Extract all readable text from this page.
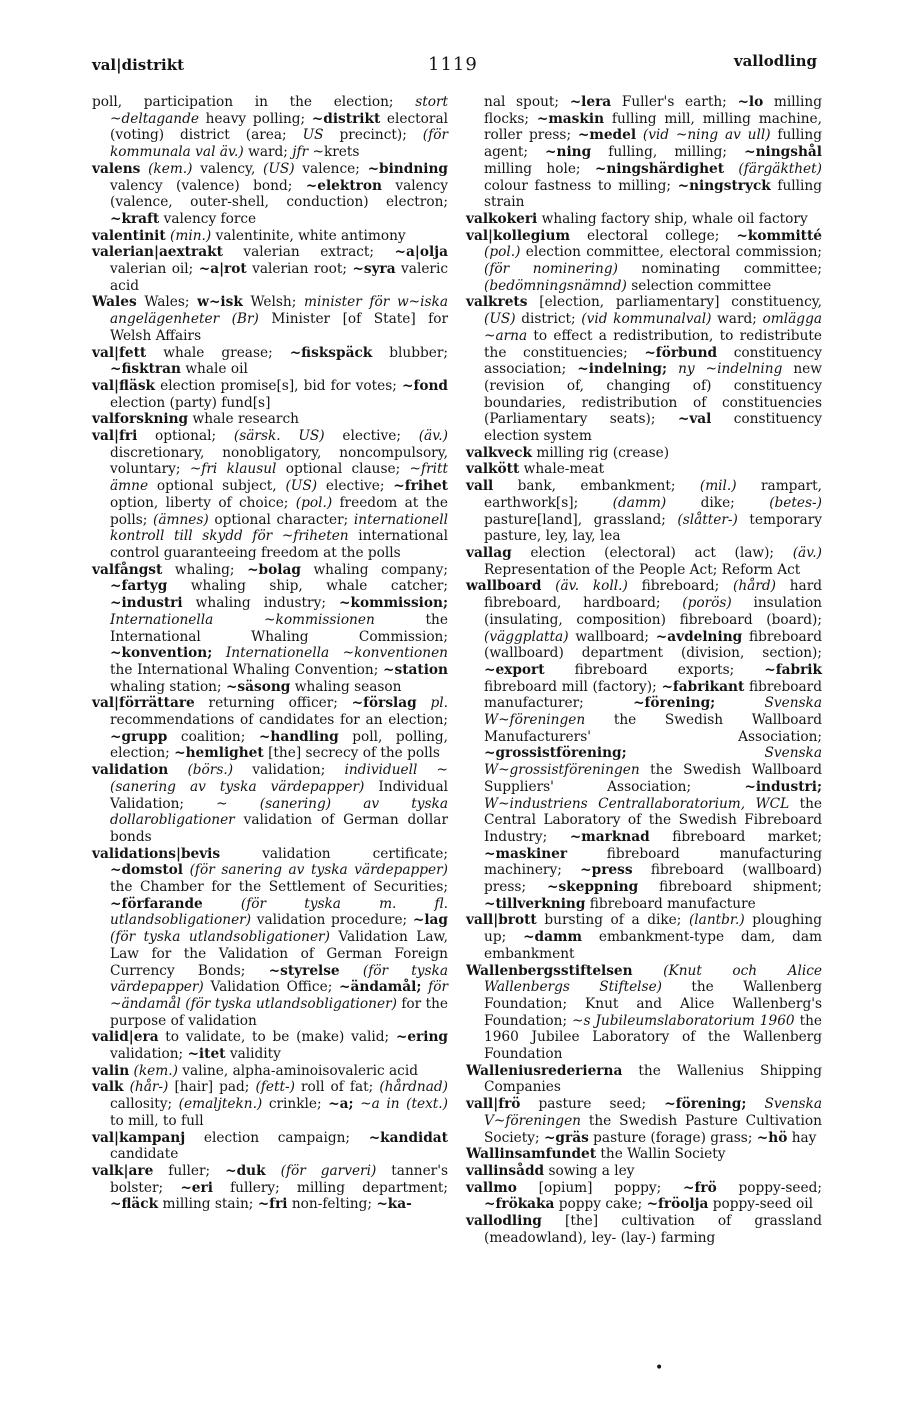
val|distrikt	1119	vallodling

poll, participation in the election; stort ~deltagande heavy polling; ~distrikt electoral (voting) district (area; US precinct); (för kommunala val äv.) ward; jfr ~krets

valens (kem.) valency, (US) valence; ~bindning valency (valence) bond; ~elektron valency (valence, outer-shell, conduction) electron; ~kraft valency force

valentinit (min.) valentinite, white antimony

valerian|aextrakt valerian extract; ~a|olja valerian oil; ~a|rot valerian root; ~syra valeric acid

Wales Wales; w~isk Welsh; minister för w~iska angelägenheter (Br) Minister [of State] for Welsh Affairs

val|fett whale grease; ~fiskspäck blubber; ~fisktran whale oil

val|fläsk election promise[s], bid for votes; ~fond election (party) fund[s]

valforskning whale research

val|fri optional; (särsk. US) elective; (äv.) discretionary, nonobligatory, noncompulsory, voluntary; ~fri klausul optional clause; ~fritt ämne optional subject, (US) elective; ~frihet option, liberty of choice; (pol.) freedom at the polls; (ämnes) optional character; internationell kontroll till skydd för ~friheten international control guaranteeing freedom at the polls

valfångst whaling; ~bolag whaling company; ~fartyg whaling ship, whale catcher; ~industri whaling industry; ~kommission; Internationella ~kommissionen the International Whaling Commission; ~konvention; Internationella ~konventionen the International Whaling Convention; ~station whaling station; ~säsong whaling season

val|förrättare returning officer; ~förslag pl. recommendations of candidates for an election; ~grupp coalition; ~handling poll, polling, election; ~hemlighet [the] secrecy of the polls

validation (börs.) validation; individuell ~ (sanering av tyska värdepapper) Individual Validation; ~ (sanering) av tyska dollarobligationer validation of German dollar bonds

validations|bevis validation certificate; ~domstol (för sanering av tyska värdepapper) the Chamber for the Settlement of Securities; ~förfarande	(för tyska m. fl. utlandsobligationer) validation procedure; ~lag (för tyska utlandsobligationer) Validation Law, Law for the Validation of German Foreign Currency Bonds; ~styrelse (för tyska värdepapper) Validation Office; ~ändamål; för ~ändamål (för tyska utlandsobligationer) for the purpose of validation

valid|era to validate, to be (make) valid; ~ering validation; ~itet validity

valin (kem.) valine, alpha-aminoisovaleric acid

valk (hår-) [hair] pad; (fett-) roll of fat; (hårdnad) callosity; (emaljtekn.) crinkle; ~a; ~a in (text.) to mill, to full

val|kampanj election campaign; ~kandidat candidate

valk|are fuller; ~duk (för garveri) tanner's bolster; ~eri fullery; milling department; ~fläck milling stain; ~fri non-felting; ~ka-

nal spout; ~lera Fuller's earth; ~lo milling flocks; ~maskin fulling mill, milling machine, roller press; ~medel (vid ~ning av ull) fulling agent; ~ning fulling, milling; ~ningshål milling hole; ~ningshärdighet (färgäkthet) colour fastness to milling; ~ningstryck fulling strain

valkokeri whaling factory ship, whale oil factory

val|kollegium electoral college; ~kommitté (pol.) election committee, electoral commission; (för nominering) nominating committee; (bedömningsnämnd) selection committee

valkrets [election, parliamentary] constituency, (US) district; (vid kommunalval) ward; omlägga ~arna to effect a redistribution, to redistribute the constituencies; ~förbund constituency association; ~indelning; ny ~indelning new (revision of, changing of) constituency boundaries, redistribution of constituencies (Parliamentary seats); ~val constituency election system

valkveck milling rig (crease)

valkött whale-meat

vall bank, embankment; (mil.) rampart, earthwork[s]; (damm) dike; (betes-) pasture[land], grassland; (slåtter-) temporary pasture, ley, lay, lea

vallag election (electoral) act (law); (äv.) Representation of the People Act; Reform Act

wallboard (äv. koll.) fibreboard; (hård) hard fibreboard, hardboard; (porös) insulation (insulating, composition) fibreboard (board); (väggplatta) wallboard; ~avdelning fibreboard (wallboard) department (division, section); ~export fibreboard exports; ~fabrik fibreboard mill (factory); ~fabrikant fibreboard manufacturer; ~förening;	Svenska W~föreningen the Swedish Wallboard Manufacturers' Association; ~grossistförening;	Svenska W~grossistföreningen the Swedish Wallboard Suppliers' Association; ~industri; W~industriens Centrallaboratorium, WCL the Central Laboratory of the Swedish Fibreboard Industry; ~marknad fibreboard market; ~maskiner fibreboard manufacturing machinery; ~press fibreboard (wallboard) press; ~skeppning fibreboard shipment; ~tillverkning fibreboard manufacture

vall|brott bursting of a dike; (lantbr.) ploughing up; ~damm embankment-type dam, dam embankment

Wallenbergsstiftelsen (Knut och Alice Wallenbergs Stiftelse) the Wallenberg Foundation; Knut and Alice Wallenberg's Foundation; ~s Jubileumslaboratorium 1960 the 1960 Jubilee Laboratory of the Wallenberg Foundation

Walleniusrederierna the Wallenius Shipping Companies

vall|frö pasture seed; ~förening; Svenska V~föreningen the Swedish Pasture Cultivation Society; ~gräs pasture (forage) grass; ~hö hay

Wallinsamfundet the Wallin Society

vallinsådd sowing a ley

vallmo [opium] poppy; ~frö poppy-seed; ~frökaka poppy cake; ~fröolja poppy-seed oil

vallodling [the] cultivation of grassland (meadowland), ley- (lay-) farming

•
